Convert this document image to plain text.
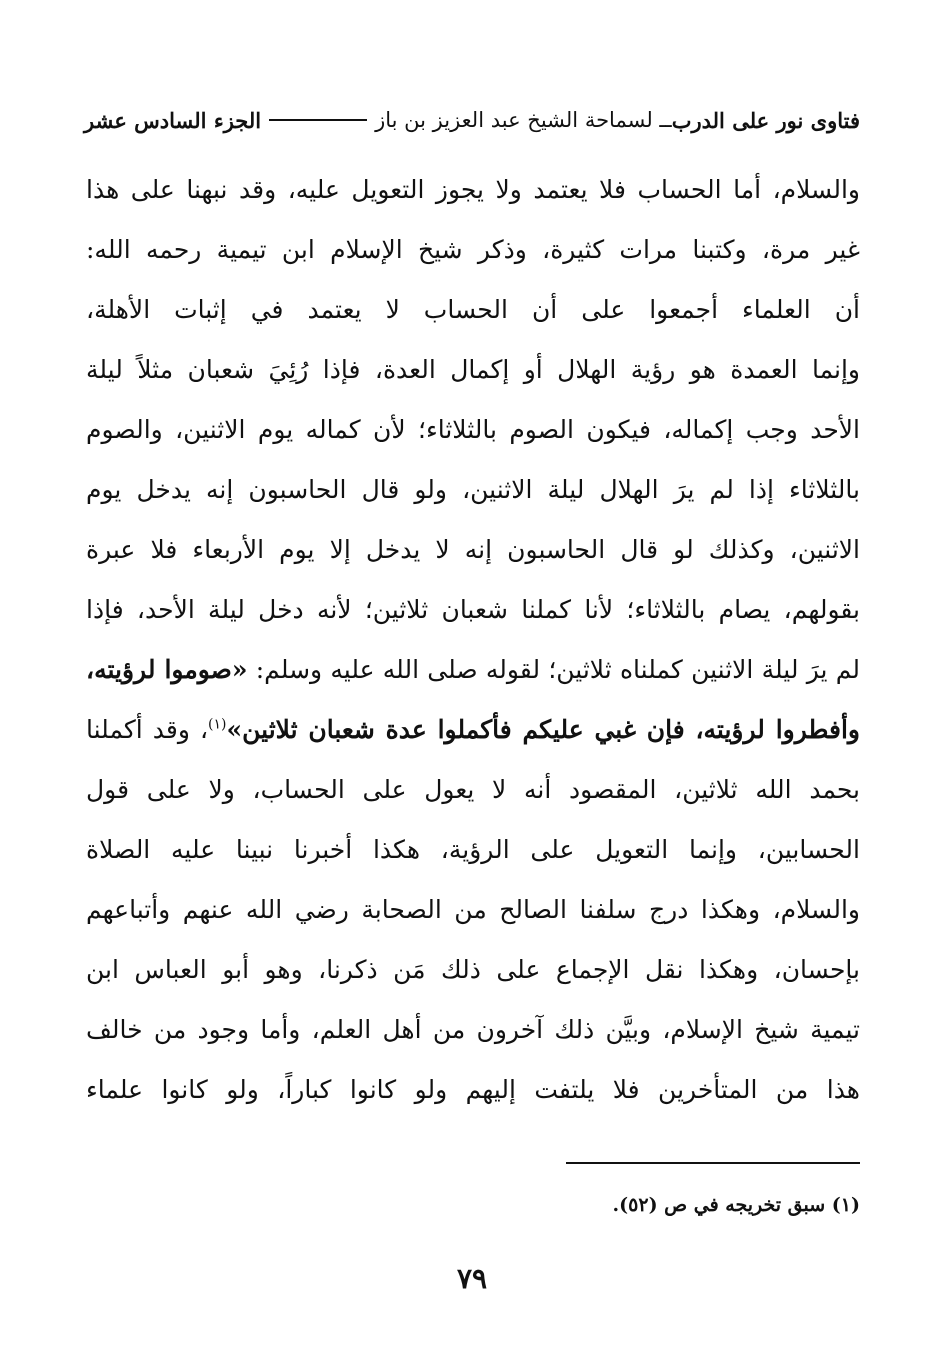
فتاوى نور على الدرب
ــ لسماحة الشيخ عبد العزيز بن باز
الجزء السادس عشر
والسلام، أما الحساب فلا يعتمد ولا يجوز التعويل عليه، وقد نبهنا على هذا
غير مرة، وكتبنا مرات كثيرة، وذكر شيخ الإسلام ابن تيمية رحمه الله:
أن العلماء أجمعوا على أن الحساب لا يعتمد في إثبات الأهلة،
وإنما العمدة هو رؤية الهلال أو إكمال العدة، فإذا رُئِيَ شعبان مثلاً ليلة
الأحد وجب إكماله، فيكون الصوم بالثلاثاء؛ لأن كماله يوم الاثنين، والصوم
بالثلاثاء إذا لم يرَ الهلال ليلة الاثنين، ولو قال الحاسبون إنه يدخل يوم
الاثنين، وكذلك لو قال الحاسبون إنه لا يدخل إلا يوم الأربعاء فلا عبرة
بقولهم، يصام بالثلاثاء؛ لأنا كملنا شعبان ثلاثين؛ لأنه دخل ليلة الأحد، فإذا
لم يرَ ليلة الاثنين كملناه ثلاثين؛ لقوله صلى الله عليه وسلم: «صوموا لرؤيته،
وأفطروا لرؤيته، فإن غبي عليكم فأكملوا عدة شعبان ثلاثين»$^{(١)}$، وقد أكملنا
بحمد الله ثلاثين، المقصود أنه لا يعول على الحساب، ولا على قول
الحسابين، وإنما التعويل على الرؤية، هكذا أخبرنا نبينا عليه الصلاة
والسلام، وهكذا درج سلفنا الصالح من الصحابة رضي الله عنهم وأتباعهم
بإحسان، وهكذا نقل الإجماع على ذلك مَن ذكرنا، وهو أبو العباس ابن
تيمية شيخ الإسلام، وبيَّن ذلك آخرون من أهل العلم، وأما وجود من خالف
هذا من المتأخرين فلا يلتفت إليهم ولو كانوا كباراً، ولو كانوا علماء
(١) سبق تخريجه في ص (٥٢).
٧٩
